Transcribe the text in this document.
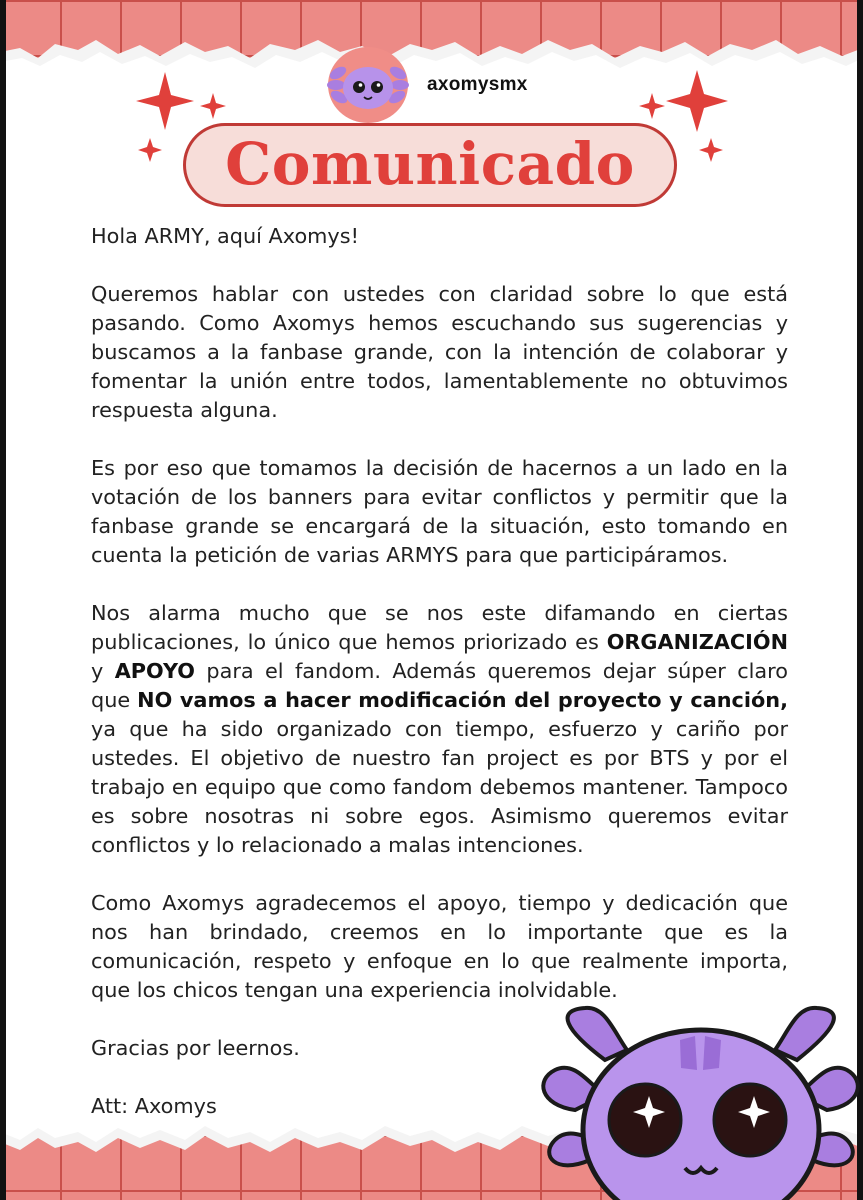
axomysmx
Comunicado

Hola ARMY, aquí Axomys!

Queremos hablar con ustedes con claridad sobre lo que está pasando. Como Axomys hemos escuchando sus sugerencias y buscamos a la fanbase grande, con la intención de colaborar y fomentar la unión entre todos, lamentablemente no obtuvimos respuesta alguna.

Es por eso que tomamos la decisión de hacernos a un lado en la votación de los banners para evitar conflictos y permitir que la fanbase grande se encargará de la situación, esto tomando en cuenta la petición de varias ARMYS para que participáramos.

Nos alarma mucho que se nos este difamando en ciertas publicaciones, lo único que hemos priorizado es ORGANIZACIÓN y APOYO para el fandom. Además queremos dejar súper claro que NO vamos a hacer modificación del proyecto y canción, ya que ha sido organizado con tiempo, esfuerzo y cariño por ustedes. El objetivo de nuestro fan project es por BTS y por el trabajo en equipo que como fandom debemos mantener. Tampoco es sobre nosotras ni sobre egos. Asimismo queremos evitar conflictos y lo relacionado a malas intenciones.

Como Axomys agradecemos el apoyo, tiempo y dedicación que nos han brindado, creemos en lo importante que es la comunicación, respeto y enfoque en lo que realmente importa, que los chicos tengan una experiencia inolvidable.

Gracias por leernos.

Att: Axomys
